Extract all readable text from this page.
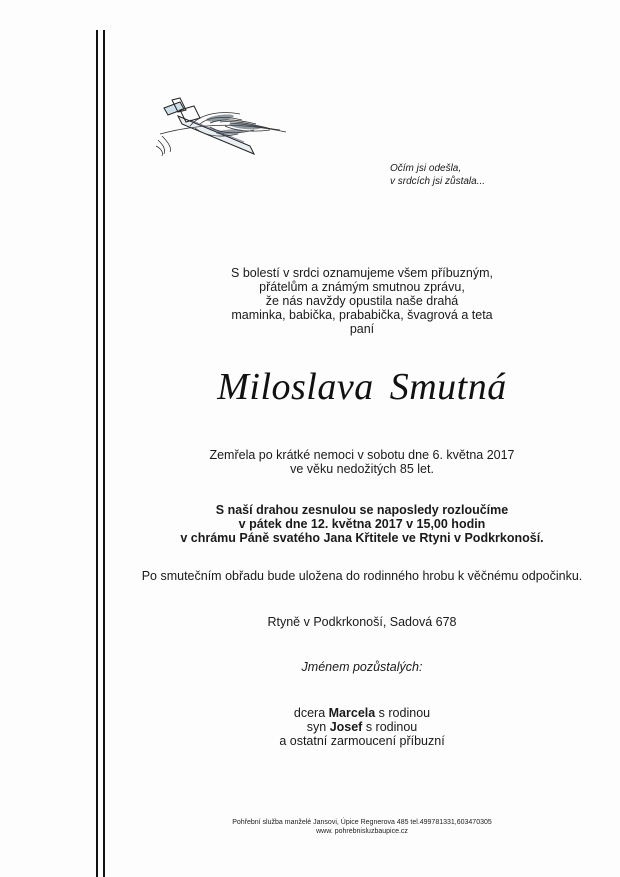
Očím jsi odešla,
v srdcích jsi zůstala...
S bolestí v srdci oznamujeme všem příbuzným,
přátelům a známým smutnou zprávu,
že nás navždy opustila naše drahá
maminka, babička, prababička, švagrová a teta
paní
Miloslava Smutná
Zemřela po krátké nemoci v sobotu dne 6. května 2017
ve věku nedožitých 85 let.
S naší drahou zesnulou se naposledy rozloučíme
v pátek dne 12. května 2017 v 15,00 hodin
v chrámu Páně svatého Jana Křtitele ve Rtyni v Podkrkonoší.
Po smutečním obřadu bude uložena do rodinného hrobu k věčnému odpočinku.
Rtyně v Podkrkonoší, Sadová 678
Jménem pozůstalých:
dcera Marcela s rodinou
syn Josef s rodinou
a ostatní zarmoucení příbuzní
Pohřební služba manželé Jansovi, Úpice Regnerova 485 tel.499781331,603470305
www. pohrebnisluzbaupice.cz
